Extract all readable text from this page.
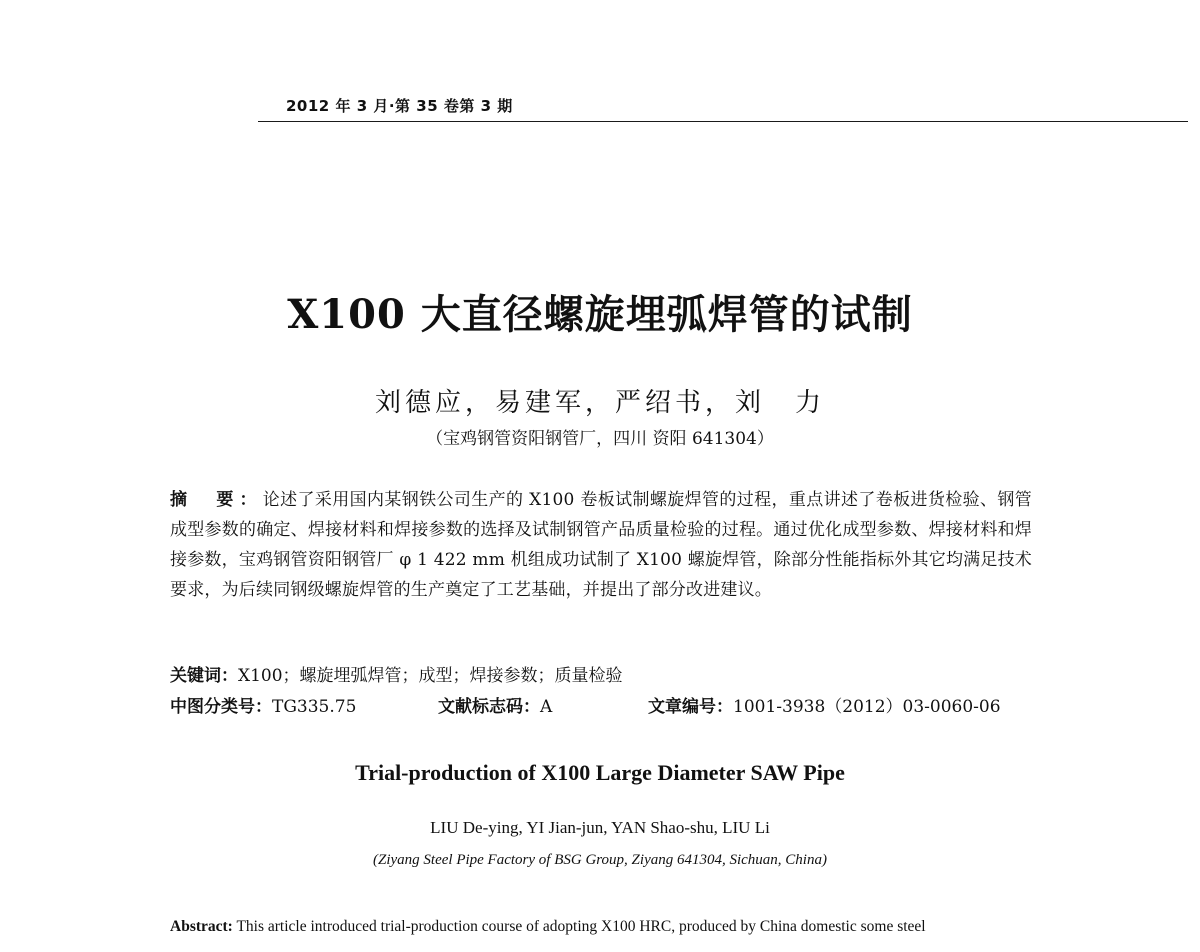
2012 年 3 月·第 35 卷第 3 期
X100 大直径螺旋埋弧焊管的试制
刘德应，易建军，严绍书，刘　力
（宝鸡钢管资阳钢管厂，四川 资阳 641304）
摘　要：论述了采用国内某钢铁公司生产的 X100 卷板试制螺旋焊管的过程，重点讲述了卷板进货检验、钢管成型参数的确定、焊接材料和焊接参数的选择及试制钢管产品质量检验的过程。通过优化成型参数、焊接材料和焊接参数，宝鸡钢管资阳钢管厂 φ 1 422 mm 机组成功试制了 X100 螺旋焊管，除部分性能指标外其它均满足技术要求，为后续同钢级螺旋焊管的生产奠定了工艺基础，并提出了部分改进建议。
关键词：X100；螺旋埋弧焊管；成型；焊接参数；质量检验
中图分类号：TG335.75	文献标志码：A	文章编号：1001-3938（2012）03-0060-06
Trial-production of X100 Large Diameter SAW Pipe
LIU De-ying, YI Jian-jun, YAN Shao-shu, LIU Li
(Ziyang Steel Pipe Factory of BSG Group, Ziyang 641304, Sichuan, China)
Abstract: This article introduced trial-production course of adopting X100 HRC, produced by China domestic some steel
